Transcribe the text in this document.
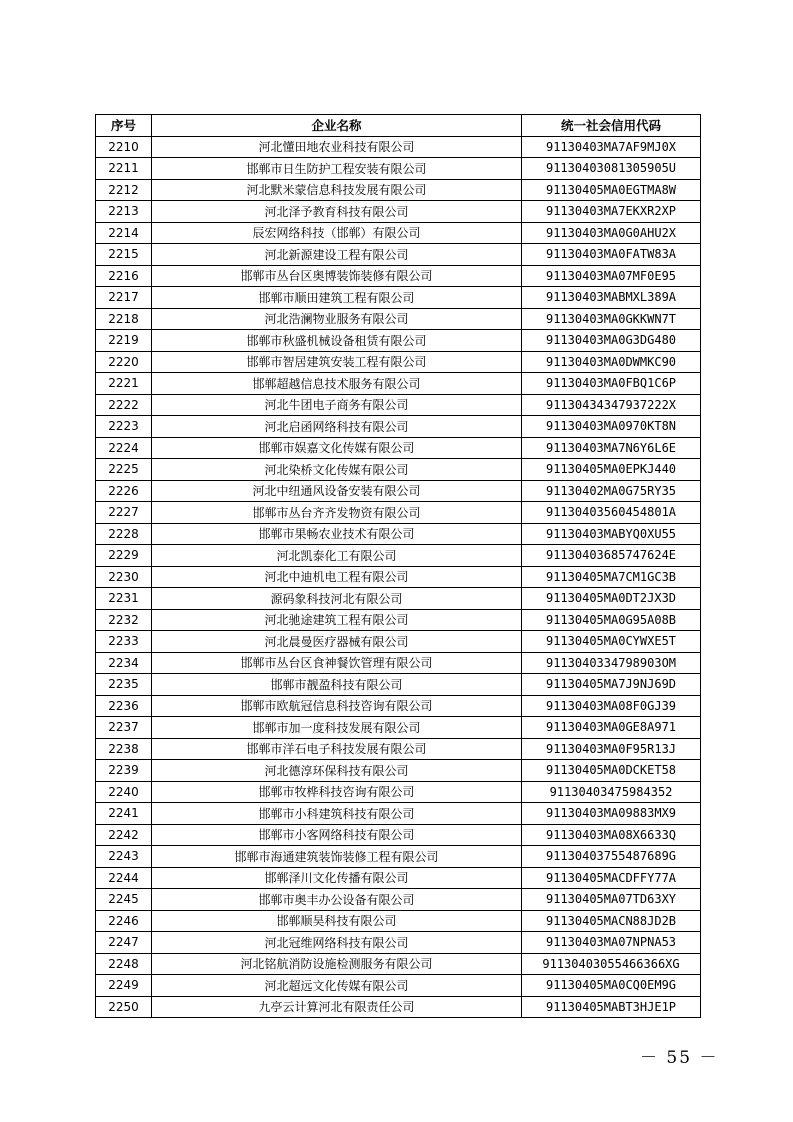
序号	企业名称	统一社会信用代码
2210	河北懂田地农业科技有限公司	91130403MA7AF9MJ0X
2211	邯郸市日生防护工程安装有限公司	91130403081305905U
2212	河北默米蒙信息科技发展有限公司	91130405MA0EGTMA8W
2213	河北泽予教育科技有限公司	91130403MA7EKXR2XP
2214	辰宏网络科技（邯郸）有限公司	91130403MA0G0AHU2X
2215	河北新源建设工程有限公司	91130403MA0FATW83A
2216	邯郸市丛台区奥博装饰装修有限公司	91130403MA07MF0E95
2217	邯郸市顺田建筑工程有限公司	91130403MABMXL389A
2218	河北浩澜物业服务有限公司	91130403MA0GKKWN7T
2219	邯郸市秋盛机械设备租赁有限公司	91130403MA0G3DG480
2220	邯郸市智居建筑安装工程有限公司	91130403MA0DWMKC90
2221	邯郸超越信息技术服务有限公司	91130403MA0FBQ1C6P
2222	河北牛团电子商务有限公司	91130434347937222X
2223	河北启函网络科技有限公司	91130403MA0970KT8N
2224	邯郸市娱嘉文化传媒有限公司	91130403MA7N6Y6L6E
2225	河北染桥文化传媒有限公司	91130405MA0EPKJ440
2226	河北中纽通风设备安装有限公司	91130402MA0G75RY35
2227	邯郸市丛台齐齐发物资有限公司	91130403560454801A
2228	邯郸市果畅农业技术有限公司	91130403MABYQ0XU55
2229	河北凯泰化工有限公司	91130403685747624E
2230	河北中迪机电工程有限公司	91130405MA7CM1GC3B
2231	源码象科技河北有限公司	91130405MA0DT2JX3D
2232	河北驰途建筑工程有限公司	91130405MA0G95A08B
2233	河北晨曼医疗器械有限公司	91130405MA0CYWXE5T
2234	邯郸市丛台区食神餐饮管理有限公司	9113040334798903OM
2235	邯郸市靓盈科技有限公司	91130405MA7J9NJ69D
2236	邯郸市欧航冠信息科技咨询有限公司	91130403MA08F0GJ39
2237	邯郸市加一度科技发展有限公司	91130403MA0GE8A971
2238	邯郸市洋石电子科技发展有限公司	91130403MA0F95R13J
2239	河北德淳环保科技有限公司	91130405MA0DCKET58
2240	邯郸市牧桦科技咨询有限公司	91130403475984352
2241	邯郸市小科建筑科技有限公司	91130403MA09883MX9
2242	邯郸市小客网络科技有限公司	91130403MA08X6633Q
2243	邯郸市海通建筑装饰装修工程有限公司	91130403755487689G
2244	邯郸泽川文化传播有限公司	91130405MACDFFY77A
2245	邯郸市奥丰办公设备有限公司	91130405MA07TD63XY
2246	邯郸顺昊科技有限公司	91130405MACN88JD2B
2247	河北冠维网络科技有限公司	91130403MA07NPNA53
2248	河北铭航消防设施检测服务有限公司	91130403055466366XG
2249	河北超远文化传媒有限公司	91130405MA0CQ0EM9G
2250	九亭云计算河北有限责任公司	91130405MABT3HJE1P
－ 55 －
